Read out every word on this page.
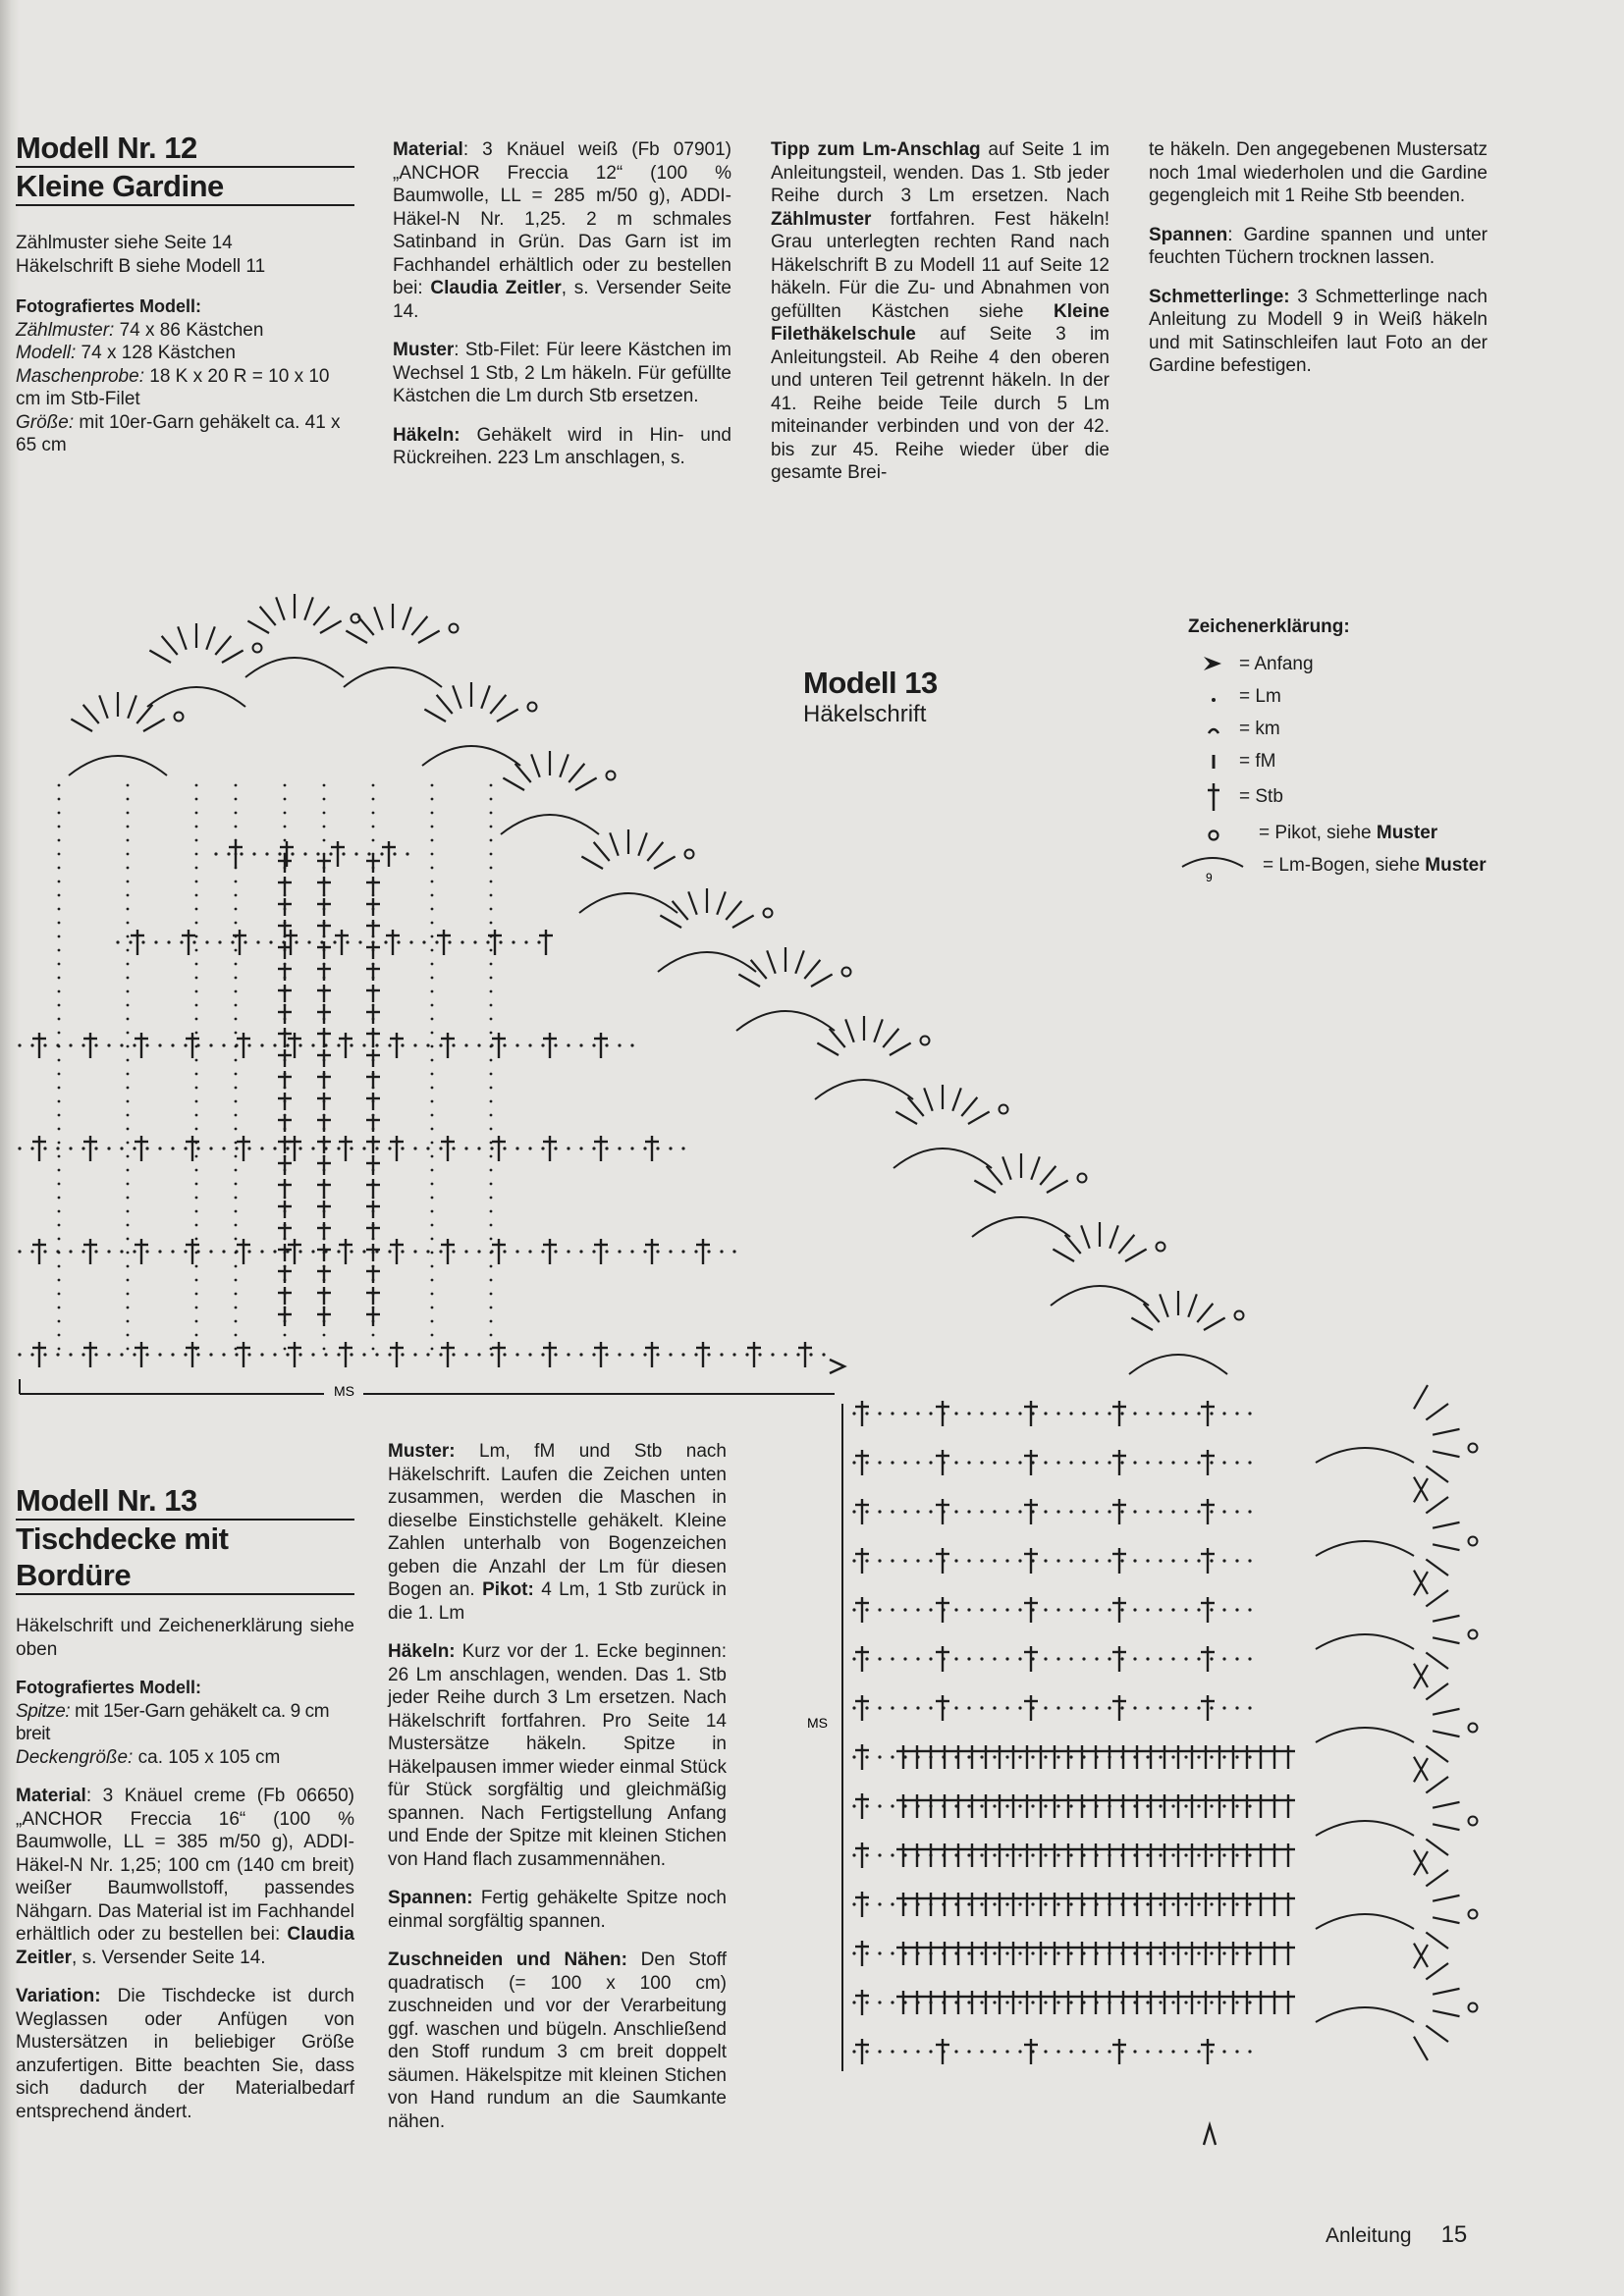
Modell Nr. 12
Kleine Gardine
Zählmuster siehe Seite 14
Häkelschrift B siehe Modell 11
Fotografiertes Modell:
Zählmuster: 74 x 86 Kästchen
Modell: 74 x 128 Kästchen
Maschenprobe: 18 K x 20 R = 10 x 10 cm im Stb-Filet
Größe: mit 10er-Garn gehäkelt ca. 41 x 65 cm

Material: 3 Knäuel weiß (Fb 07901) „ANCHOR Freccia 12“ (100 % Baumwolle, LL = 285 m/50 g), ADDI-Häkel-N Nr. 1,25. 2 m schmales Satinband in Grün. Das Garn ist im Fachhandel erhältlich oder zu bestellen bei: Claudia Zeitler, s. Versender Seite 14.

Muster: Stb-Filet: Für leere Kästchen im Wechsel 1 Stb, 2 Lm häkeln. Für gefüllte Kästchen die Lm durch Stb ersetzen.

Häkeln: Gehäkelt wird in Hin- und Rückreihen. 223 Lm anschlagen, s.

Tipp zum Lm-Anschlag auf Seite 1 im Anleitungsteil, wenden. Das 1. Stb jeder Reihe durch 3 Lm ersetzen. Nach Zählmuster fortfahren. Fest häkeln! Grau unterlegten rechten Rand nach Häkelschrift B zu Modell 11 auf Seite 12 häkeln. Für die Zu- und Abnahmen von gefüllten Kästchen siehe Kleine Filethäkelschule auf Seite 3 im Anleitungsteil. Ab Reihe 4 den oberen und unteren Teil getrennt häkeln. In der 41. Reihe beide Teile durch 5 Lm miteinander verbinden und von der 42. bis zur 45. Reihe wieder über die gesamte Brei-

te häkeln. Den angegebenen Mustersatz noch 1mal wiederholen und die Gardine gegengleich mit 1 Reihe Stb beenden.

Spannen: Gardine spannen und unter feuchten Tüchern trocknen lassen.

Schmetterlinge: 3 Schmetterlinge nach Anleitung zu Modell 9 in Weiß häkeln und mit Satinschleifen laut Foto an der Gardine befestigen.

Modell 13
Häkelschrift
Zeichenerklärung:
= Anfang
= Lm
= km
= fM
= Stb
= Pikot, siehe Muster
9
= Lm-Bogen, siehe Muster
MS
MS
Modell Nr. 13
Tischdecke mit
Bordüre

Häkelschrift und Zeichenerklärung siehe oben

Fotografiertes Modell:
Spitze: mit 15er-Garn gehäkelt ca. 9 cm breit
Deckengröße: ca. 105 x 105 cm

Material: 3 Knäuel creme (Fb 06650) „ANCHOR Freccia 16“ (100 % Baumwolle, LL = 385 m/50 g), ADDI-Häkel-N Nr. 1,25; 100 cm (140 cm breit) weißer Baumwollstoff, passendes Nähgarn. Das Material ist im Fachhandel erhältlich oder zu bestellen bei: Claudia Zeitler, s. Versender Seite 14.

Variation: Die Tischdecke ist durch Weglassen oder Anfügen von Mustersätzen in beliebiger Größe anzufertigen. Bitte beachten Sie, dass sich dadurch der Materialbedarf entsprechend ändert.

Muster: Lm, fM und Stb nach Häkelschrift. Laufen die Zeichen unten zusammen, werden die Maschen in dieselbe Einstichstelle gehäkelt. Kleine Zahlen unterhalb von Bogenzeichen geben die Anzahl der Lm für diesen Bogen an. Pikot: 4 Lm, 1 Stb zurück in die 1. Lm

Häkeln: Kurz vor der 1. Ecke beginnen: 26 Lm anschlagen, wenden. Das 1. Stb jeder Reihe durch 3 Lm ersetzen. Nach Häkelschrift fortfahren. Pro Seite 14 Mustersätze häkeln. Spitze in Häkelpausen immer wieder einmal Stück für Stück sorgfältig und gleichmäßig spannen. Nach Fertigstellung Anfang und Ende der Spitze mit kleinen Stichen von Hand flach zusammennähen.

Spannen: Fertig gehäkelte Spitze noch einmal sorgfältig spannen.

Zuschneiden und Nähen: Den Stoff quadratisch (= 100 x 100 cm) zuschneiden und vor der Verarbeitung ggf. waschen und bügeln. Anschließend den Stoff rundum 3 cm breit doppelt säumen. Häkelspitze mit kleinen Stichen von Hand rundum an die Saumkante nähen.

Anleitung 15
